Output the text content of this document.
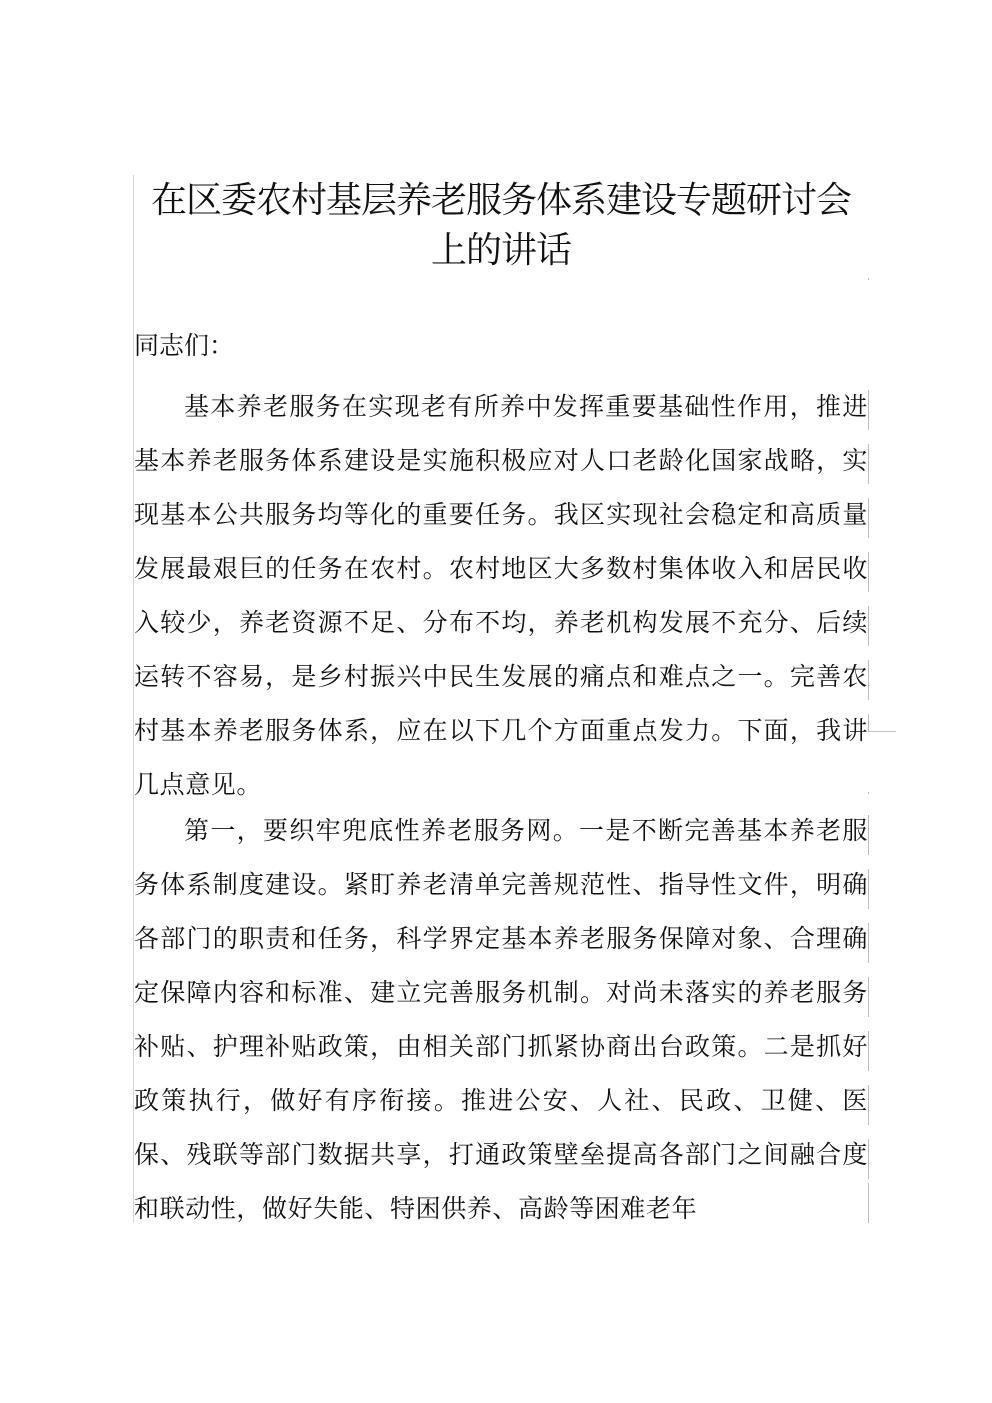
在区委农村基层养老服务体系建设专题研讨会上的讲话

同志们：

基本养老服务在实现老有所养中发挥重要基础性作用，推进基本养老服务体系建设是实施积极应对人口老龄化国家战略，实现基本公共服务均等化的重要任务。我区实现社会稳定和高质量发展最艰巨的任务在农村。农村地区大多数村集体收入和居民收入较少，养老资源不足、分布不均，养老机构发展不充分、后续运转不容易，是乡村振兴中民生发展的痛点和难点之一。完善农村基本养老服务体系，应在以下几个方面重点发力。下面，我讲几点意见。

第一，要织牢兜底性养老服务网。一是不断完善基本养老服务体系制度建设。紧盯养老清单完善规范性、指导性文件，明确各部门的职责和任务，科学界定基本养老服务保障对象、合理确定保障内容和标准、建立完善服务机制。对尚未落实的养老服务补贴、护理补贴政策，由相关部门抓紧协商出台政策。二是抓好政策执行，做好有序衔接。推进公安、人社、民政、卫健、医保、残联等部门数据共享，打通政策壁垒提高各部门之间融合度和联动性，做好失能、特困供养、高龄等困难老年
